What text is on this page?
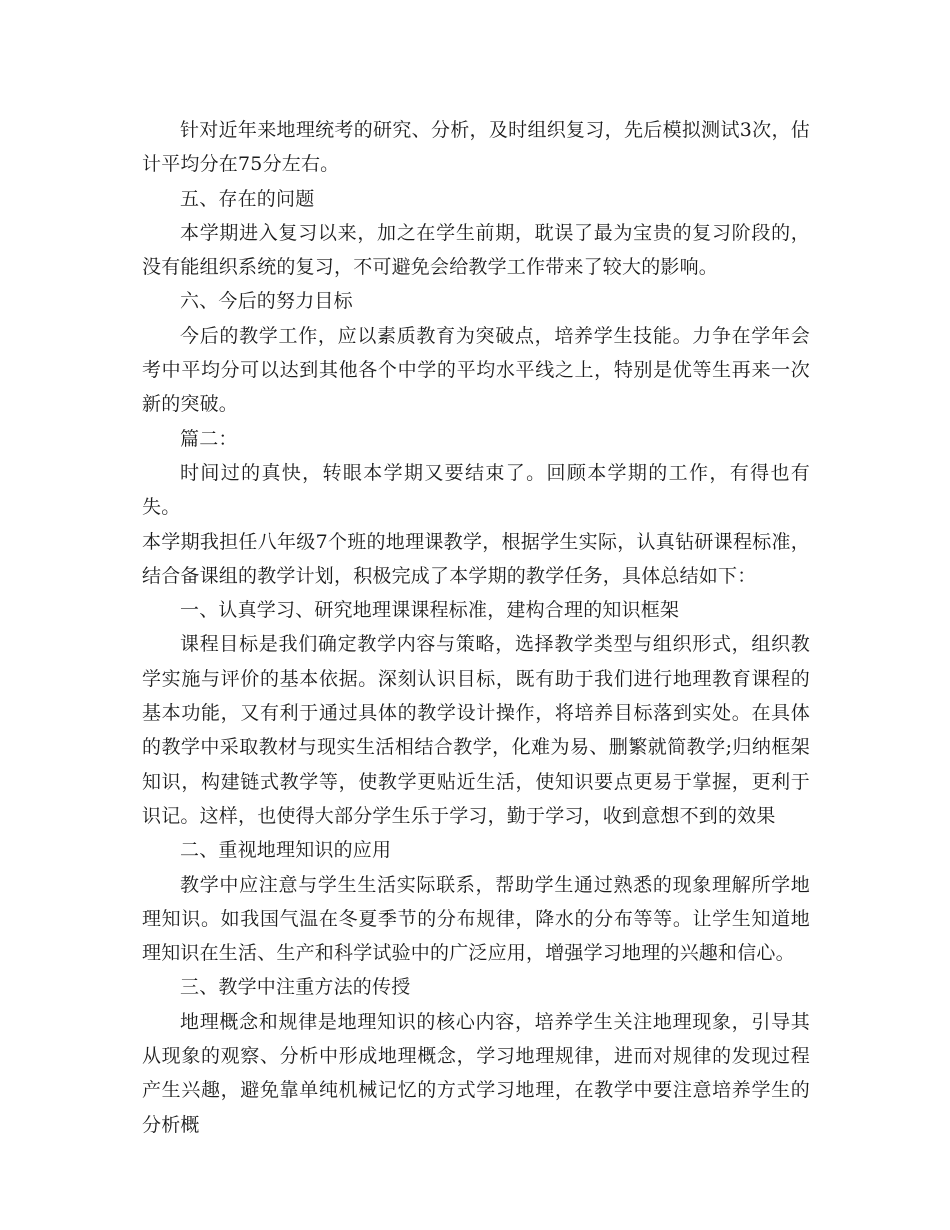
针对近年来地理统考的研究、分析，及时组织复习，先后模拟测试3次，估计平均分在75分左右。

五、存在的问题

本学期进入复习以来，加之在学生前期，耽误了最为宝贵的复习阶段的，没有能组织系统的复习，不可避免会给教学工作带来了较大的影响。

六、今后的努力目标

今后的教学工作，应以素质教育为突破点，培养学生技能。力争在学年会考中平均分可以达到其他各个中学的平均水平线之上，特别是优等生再来一次新的突破。

篇二：

时间过的真快，转眼本学期又要结束了。回顾本学期的工作，有得也有失。

本学期我担任八年级7个班的地理课教学，根据学生实际，认真钻研课程标准，结合备课组的教学计划，积极完成了本学期的教学任务，具体总结如下：

一、认真学习、研究地理课课程标准，建构合理的知识框架

课程目标是我们确定教学内容与策略，选择教学类型与组织形式，组织教学实施与评价的基本依据。深刻认识目标，既有助于我们进行地理教育课程的基本功能，又有利于通过具体的教学设计操作，将培养目标落到实处。在具体的教学中采取教材与现实生活相结合教学，化难为易、删繁就简教学;归纳框架知识，构建链式教学等，使教学更贴近生活，使知识要点更易于掌握，更利于识记。这样，也使得大部分学生乐于学习，勤于学习，收到意想不到的效果

二、重视地理知识的应用

教学中应注意与学生生活实际联系，帮助学生通过熟悉的现象理解所学地理知识。如我国气温在冬夏季节的分布规律，降水的分布等等。让学生知道地理知识在生活、生产和科学试验中的广泛应用，增强学习地理的兴趣和信心。

三、教学中注重方法的传授

地理概念和规律是地理知识的核心内容，培养学生关注地理现象，引导其从现象的观察、分析中形成地理概念，学习地理规律，进而对规律的发现过程产生兴趣，避免靠单纯机械记忆的方式学习地理，在教学中要注意培养学生的分析概
